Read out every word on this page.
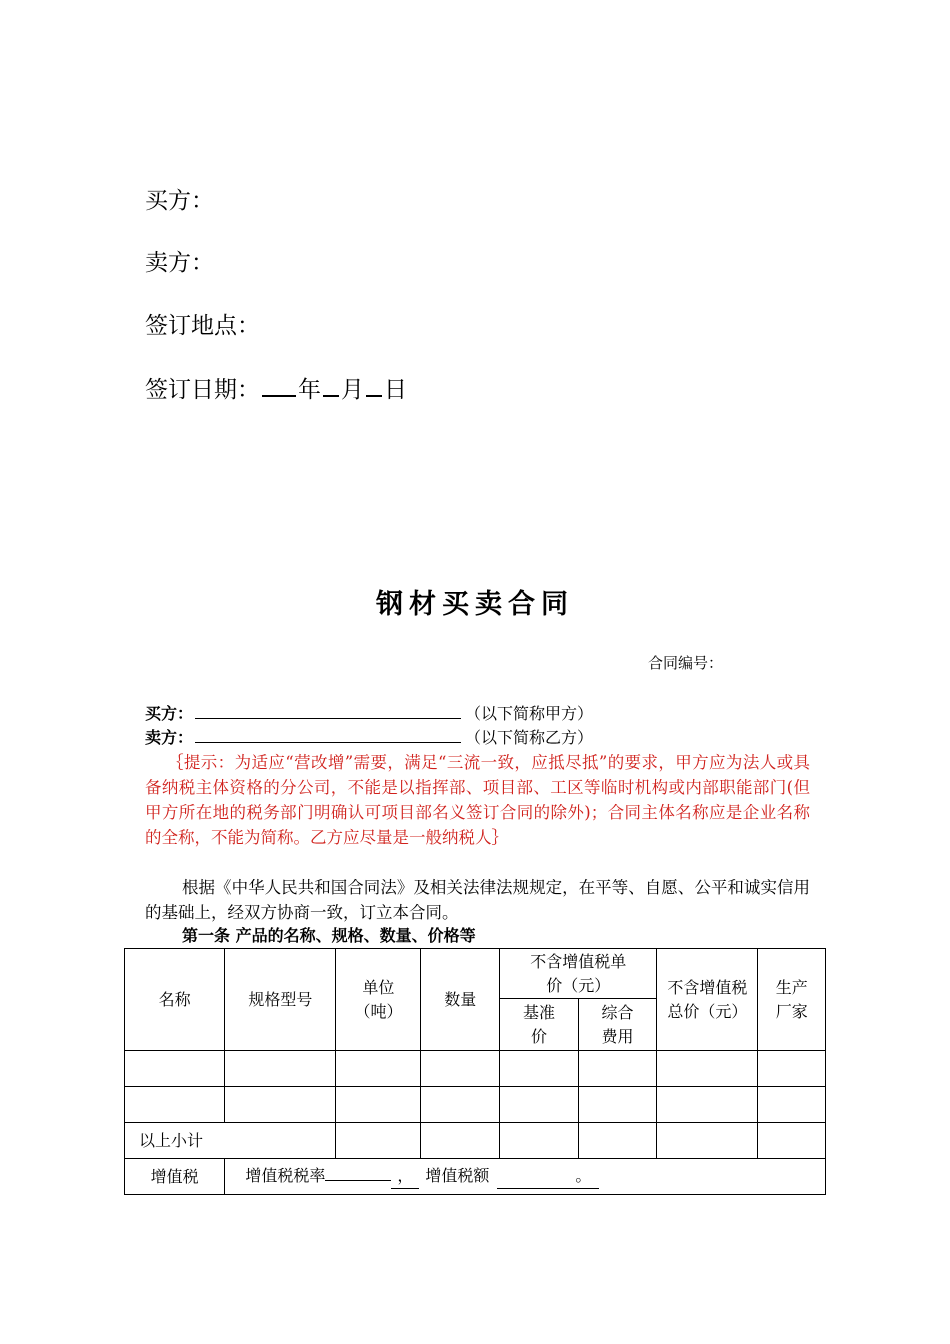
买方：
卖方：
签订地点：
签订日期： 年 月 日
钢材买卖合同
合同编号：
买方：	（以下简称甲方）
卖方：	（以下简称乙方）
｛提示：为适应“营改增”需要，满足“三流一致，应抵尽抵”的要求，甲方应为法人或具备纳税主体资格的分公司，不能是以指挥部、项目部、工区等临时机构或内部职能部门(但甲方所在地的税务部门明确认可项目部名义签订合同的除外)；合同主体名称应是企业名称的全称，不能为简称。乙方应尽量是一般纳税人｝
根据《中华人民共和国合同法》及相关法律法规规定，在平等、自愿、公平和诚实信用的基础上，经双方协商一致，订立本合同。
第一条 产品的名称、规格、数量、价格等
名称	规格型号	单位（吨）	数量	不含增值税单价（元）		不含增值税总价（元）	生产厂家
				基准价	综合费用		

以上小计							
增值税	增值税税率 ， 增值税额 。						
